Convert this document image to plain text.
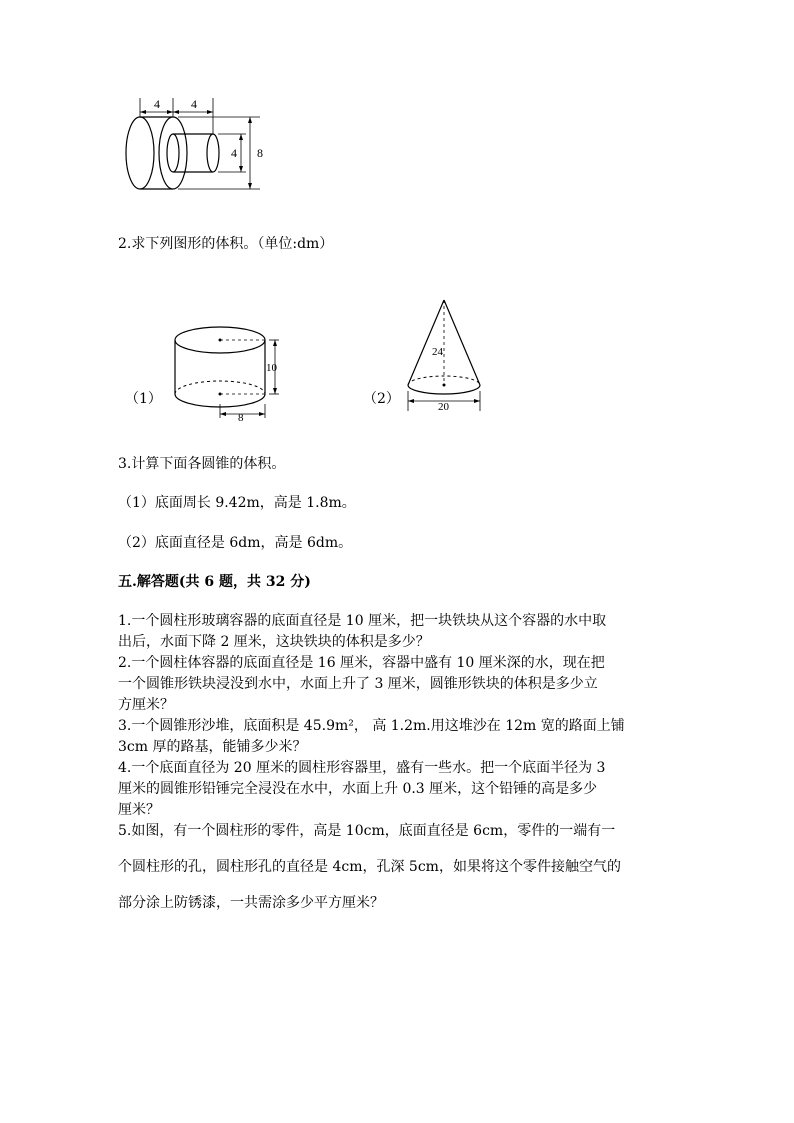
4	4
4 8
2.求下列图形的体积。（单位:dm）
（1）
10
8
（2）
24
20
3.计算下面各圆锥的体积。
（1）底面周长 9.42m，高是 1.8m。
（2）底面直径是 6dm，高是 6dm。
五.解答题(共 6 题，共 32 分)
1.一个圆柱形玻璃容器的底面直径是 10 厘米，把一块铁块从这个容器的水中取
出后，水面下降 2 厘米，这块铁块的体积是多少？
2.一个圆柱体容器的底面直径是 16 厘米，容器中盛有 10 厘米深的水，现在把
一个圆锥形铁块浸没到水中，水面上升了 3 厘米，圆锥形铁块的体积是多少立
方厘米？
3.一个圆锥形沙堆，底面积是 45.9m²， 高 1.2m.用这堆沙在 12m 宽的路面上铺
3cm 厚的路基，能铺多少米？
4.一个底面直径为 20 厘米的圆柱形容器里，盛有一些水。把一个底面半径为 3
厘米的圆锥形铅锤完全浸没在水中，水面上升 0.3 厘米，这个铅锤的高是多少
厘米？
5.如图，有一个圆柱形的零件，高是 10cm，底面直径是 6cm，零件的一端有一
个圆柱形的孔，圆柱形孔的直径是 4cm，孔深 5cm，如果将这个零件接触空气的
部分涂上防锈漆，一共需涂多少平方厘米？
